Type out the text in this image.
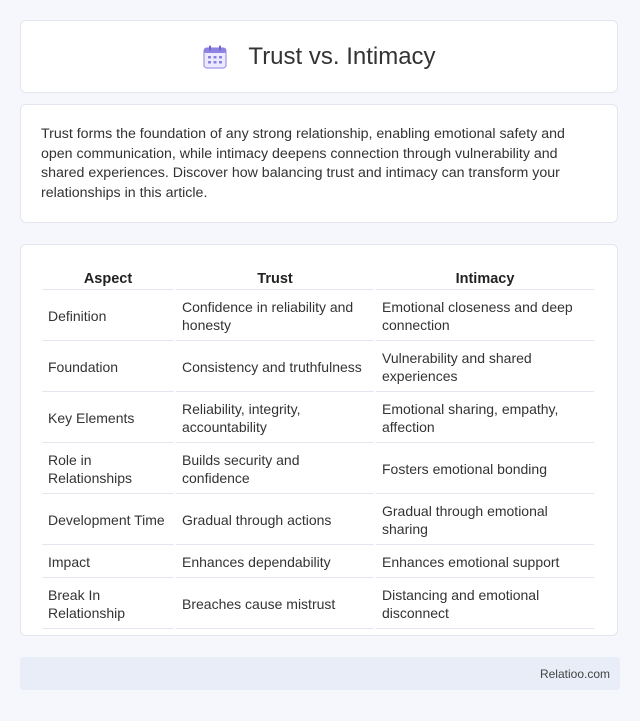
Trust vs. Intimacy

Trust forms the foundation of any strong relationship, enabling emotional safety and open communication, while intimacy deepens connection through vulnerability and shared experiences. Discover how balancing trust and intimacy can transform your relationships in this article.

Aspect	Trust	Intimacy
Definition	Confidence in reliability and honesty	Emotional closeness and deep connection
Foundation	Consistency and truthfulness	Vulnerability and shared experiences
Key Elements	Reliability, integrity, accountability	Emotional sharing, empathy, affection
Role in Relationships	Builds security and confidence	Fosters emotional bonding
Development Time	Gradual through actions	Gradual through emotional sharing
Impact	Enhances dependability	Enhances emotional support
Break In Relationship	Breaches cause mistrust	Distancing and emotional disconnect
Relatioo.com
